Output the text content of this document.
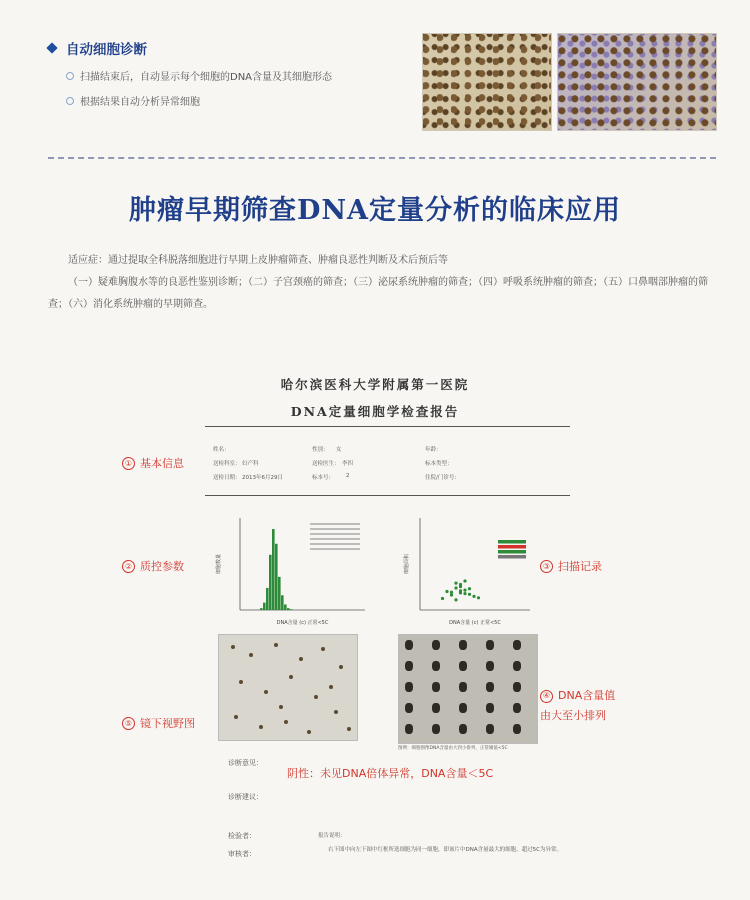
自动细胞诊断
扫描结束后，自动显示每个细胞的DNA含量及其细胞形态
根据结果自动分析异常细胞
肿瘤早期筛查DNA定量分析的临床应用
适应症：通过提取全科脱落细胞进行早期上皮肿瘤筛查、肿瘤良恶性判断及术后预后等
（一）疑难胸腹水等的良恶性鉴别诊断；（二）子宫颈癌的筛查；（三）泌尿系统肿瘤的筛查；（四）呼吸系统肿瘤的筛查；（五）口鼻咽部肿瘤的筛查；（六）消化系统肿瘤的早期筛查。
哈尔滨医科大学附属第一医院
DNA定量细胞学检查报告
① 基本信息
姓名：	性别： 女	年龄：
送检科室： 妇产科	送检医生： 李四	标本类型：
送检日期： 2013年6月29日	标本号： 2	住院/门诊号：
② 质控参数
DNA含量 (c) 正常<5C
细胞数量	③ 扫描记录
DNA含量 (c) 正常<5C
细胞面积
⑤ 镜下视野图
④ DNA含量值
由大至小排列
图例：细胞图像DNA含量由大到小排列，正常阈值<5C
诊断意见：
阴性：未见DNA倍体异常，DNA含量＜5C
诊断建议：
检验者：	报告说明：
审核者：	右下图中向左下图中红框所选细胞为同一细胞，即该片中DNA含量最大的细胞，超过5C为异常。
